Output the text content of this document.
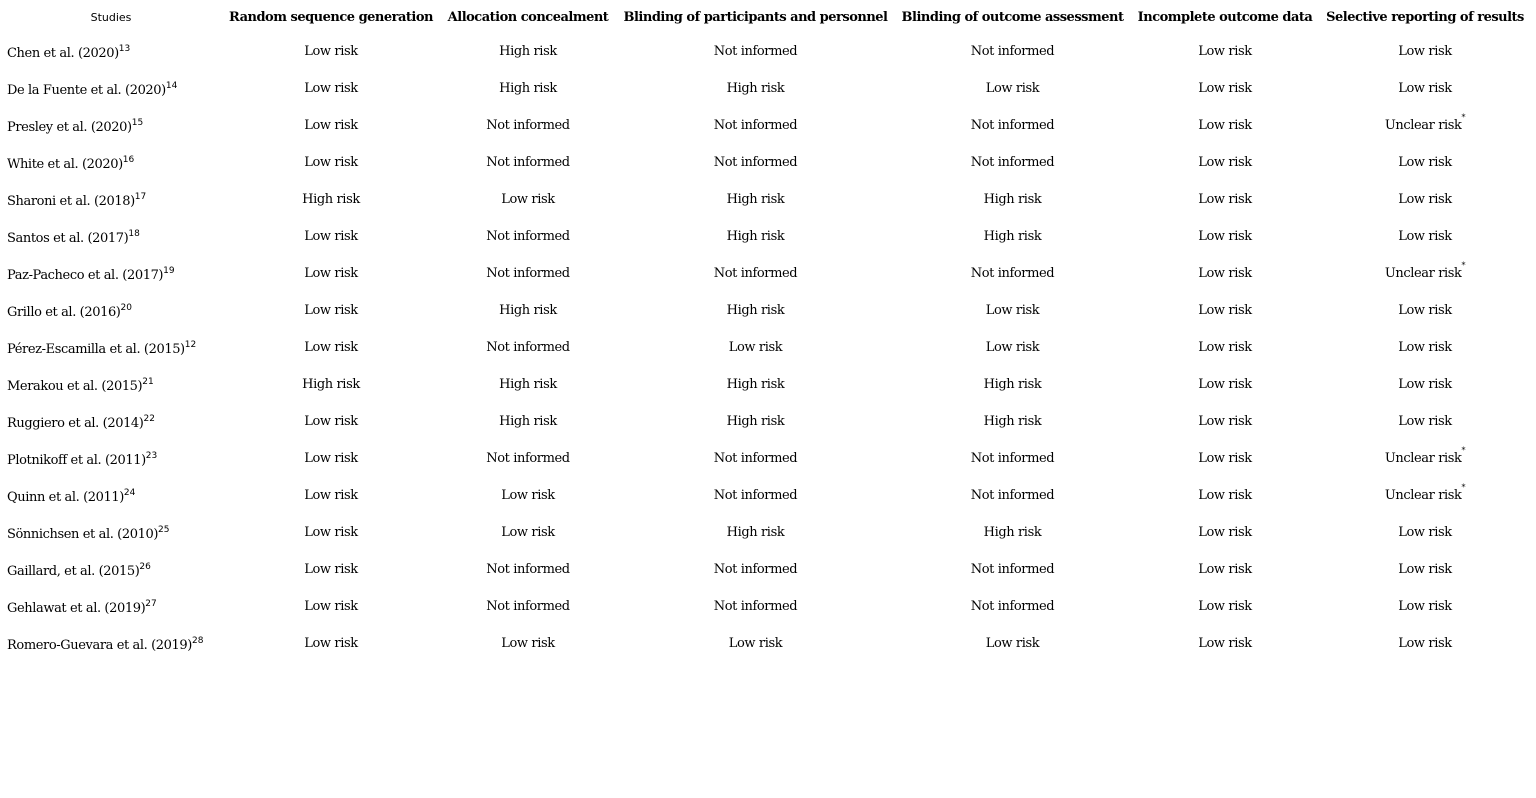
Studies	Random sequence generation	Allocation concealment	Blinding of participants and personnel	Blinding of outcome assessment	Incomplete outcome data	Selective reporting of results
Chen et al. $(2020)^{13}$	Low risk	High risk	Not informed	Not informed	Low risk	Low risk
De la Fuente et al. $(2020)^{14}$	Low risk	High risk	High risk	Low risk	Low risk	Low risk
Presley et al. $(2020)^{15}$	Low risk	Not informed	Not informed	Not informed	Low risk	Unclear risk*
White et al. $(2020)^{16}$	Low risk	Not informed	Not informed	Not informed	Low risk	Low risk
Sharoni et al. $(2018)^{17}$	High risk	Low risk	High risk	High risk	Low risk	Low risk
Santos et al. $(2017)^{18}$	Low risk	Not informed	High risk	High risk	Low risk	Low risk
Paz-Pacheco et al. $(2017)^{19}$	Low risk	Not informed	Not informed	Not informed	Low risk	Unclear risk*
Grillo et al. $(2016)^{20}$	Low risk	High risk	High risk	Low risk	Low risk	Low risk
Pérez-Escamilla et al. $(2015)^{12}$	Low risk	Not informed	Low risk	Low risk	Low risk	Low risk
Merakou et al. $(2015)^{21}$	High risk	High risk	High risk	High risk	Low risk	Low risk
Ruggiero et al. $(2014)^{22}$	Low risk	High risk	High risk	High risk	Low risk	Low risk
Plotnikoff et al. $(2011)^{23}$	Low risk	Not informed	Not informed	Not informed	Low risk	Unclear risk*
Quinn et al. $(2011)^{24}$	Low risk	Low risk	Not informed	Not informed	Low risk	Unclear risk*
Sönnichsen et al. $(2010)^{25}$	Low risk	Low risk	High risk	High risk	Low risk	Low risk
Gaillard, et al. $(2015)^{26}$	Low risk	Not informed	Not informed	Not informed	Low risk	Low risk
Gehlawat et al. $(2019)^{27}$	Low risk	Not informed	Not informed	Not informed	Low risk	Low risk
Romero-Guevara et al. $(2019)^{28}$	Low risk	Low risk	Low risk	Low risk	Low risk	Low risk
